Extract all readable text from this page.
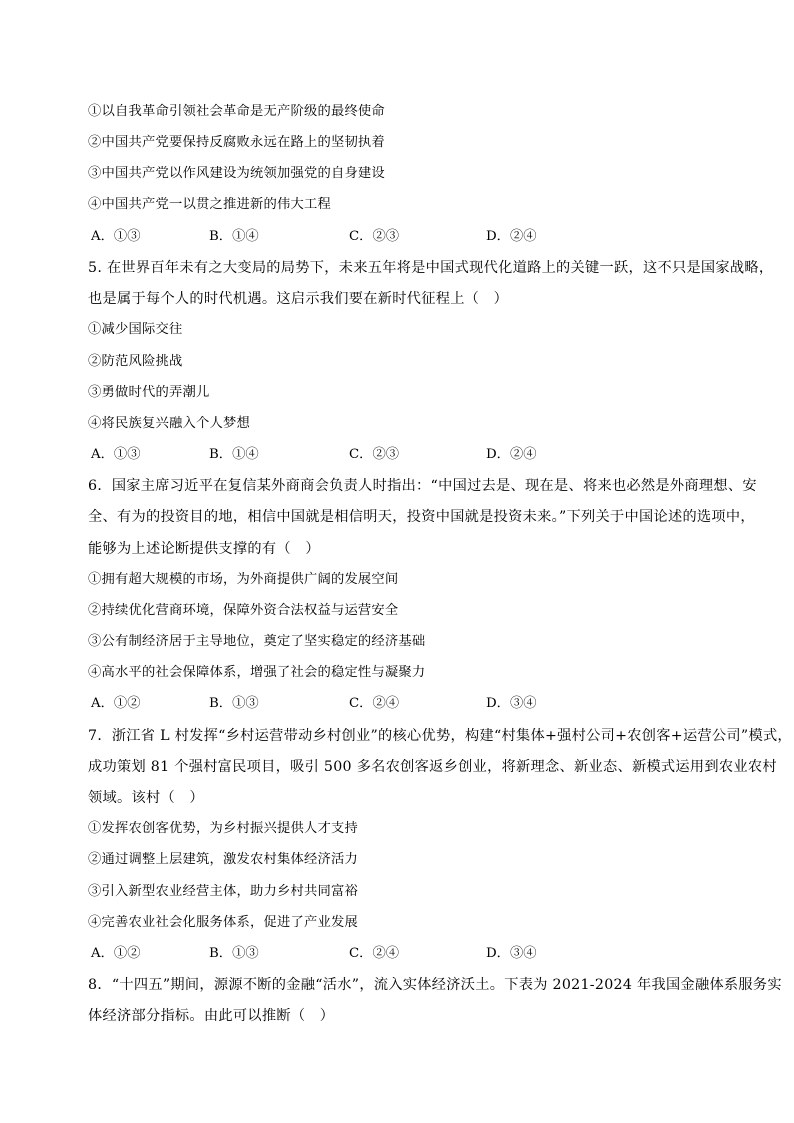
①以自我革命引领社会革命是无产阶级的最终使命
②中国共产党要保持反腐败永远在路上的坚韧执着
③中国共产党以作风建设为统领加强党的自身建设
④中国共产党一以贯之推进新的伟大工程
A．①③	B．①④	C．②③	D．②④
5. 在世界百年未有之大变局的局势下，未来五年将是中国式现代化道路上的关键一跃，这不只是国家战略，
也是属于每个人的时代机遇。这启示我们要在新时代征程上（　）
①减少国际交往
②防范风险挑战
③勇做时代的弄潮儿
④将民族复兴融入个人梦想
A．①③	B．①④	C．②③	D．②④
6．国家主席习近平在复信某外商商会负责人时指出：“中国过去是、现在是、将来也必然是外商理想、安
全、有为的投资目的地，相信中国就是相信明天，投资中国就是投资未来。”下列关于中国论述的选项中，
能够为上述论断提供支撑的有（　）
①拥有超大规模的市场，为外商提供广阔的发展空间
②持续优化营商环境，保障外资合法权益与运营安全
③公有制经济居于主导地位，奠定了坚实稳定的经济基础
④高水平的社会保障体系，增强了社会的稳定性与凝聚力
A．①②	B．①③	C．②④	D．③④
7．浙江省 L 村发挥“乡村运营带动乡村创业”的核心优势，构建“村集体+强村公司+农创客+运营公司”模式，
成功策划 81 个强村富民项目，吸引 500 多名农创客返乡创业，将新理念、新业态、新模式运用到农业农村
领域。该村（　）
①发挥农创客优势，为乡村振兴提供人才支持
②通过调整上层建筑，激发农村集体经济活力
③引入新型农业经营主体，助力乡村共同富裕
④完善农业社会化服务体系，促进了产业发展
A．①②	B．①③	C．②④	D．③④
8．“十四五”期间，源源不断的金融“活水”，流入实体经济沃土。下表为 2021-2024 年我国金融体系服务实
体经济部分指标。由此可以推断（　）
